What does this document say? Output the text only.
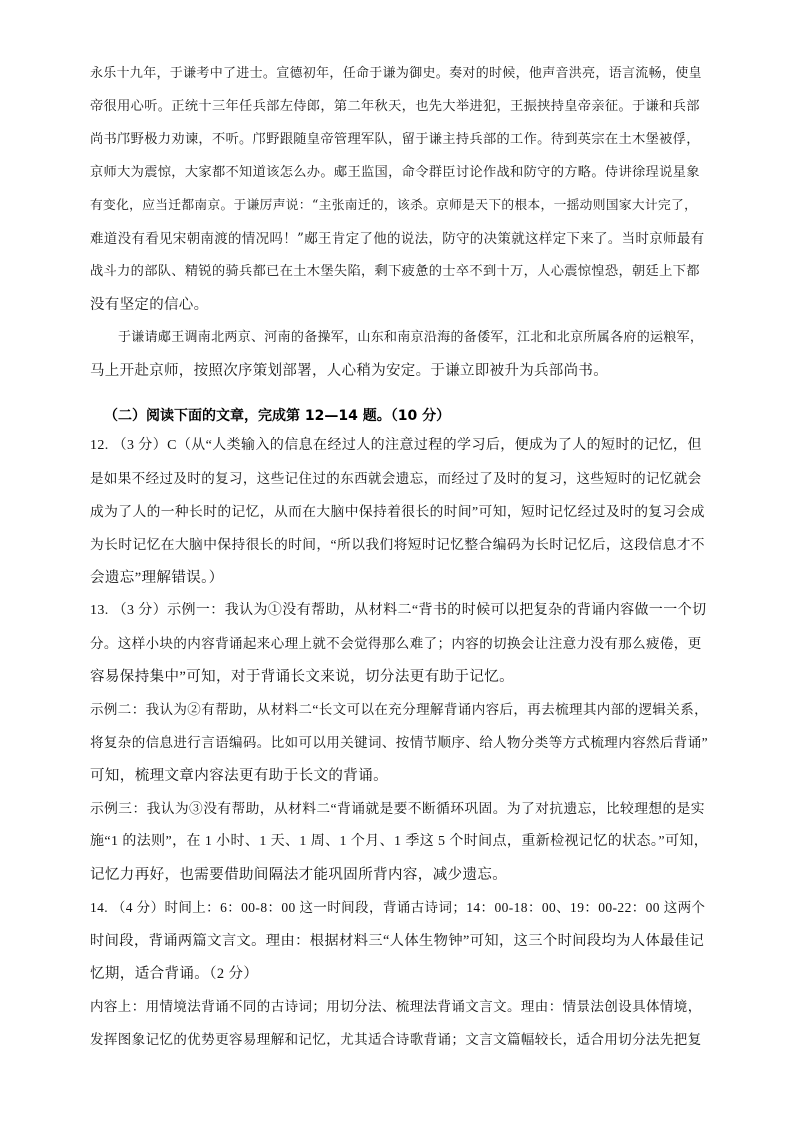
永乐十九年，于谦考中了进士。宣德初年，任命于谦为御史。奏对的时候，他声音洪亮，语言流畅，使皇
帝很用心听。正统十三年任兵部左侍郎，第二年秋天，也先大举进犯，王振挟持皇帝亲征。于谦和兵部
尚书邝野极力劝谏，不听。邝野跟随皇帝管理军队，留于谦主持兵部的工作。待到英宗在土木堡被俘，
京师大为震惊，大家都不知道该怎么办。郕王监国，命令群臣讨论作战和防守的方略。侍讲徐珵说星象
有变化，应当迁都南京。于谦厉声说：“主张南迁的，该杀。京师是天下的根本，一摇动则国家大计完了，
难道没有看见宋朝南渡的情况吗！”郕王肯定了他的说法，防守的决策就这样定下来了。当时京师最有
战斗力的部队、精锐的骑兵都已在土木堡失陷，剩下疲惫的士卒不到十万，人心震惊惶恐，朝廷上下都
没有坚定的信心。
于谦请郕王调南北两京、河南的备操军，山东和南京沿海的备倭军，江北和北京所属各府的运粮军，
马上开赴京师，按照次序策划部署，人心稍为安定。于谦立即被升为兵部尚书。
（二）阅读下面的文章，完成第 12—14 题。（10 分）
12. （3 分）C（从“人类输入的信息在经过人的注意过程的学习后，便成为了人的短时的记忆，但
是如果不经过及时的复习，这些记住过的东西就会遗忘，而经过了及时的复习，这些短时的记忆就会
成为了人的一种长时的记忆，从而在大脑中保持着很长的时间”可知，短时记忆经过及时的复习会成
为长时记忆在大脑中保持很长的时间，“所以我们将短时记忆整合编码为长时记忆后，这段信息才不
会遗忘”理解错误。）
13. （3 分）示例一：我认为①没有帮助，从材料二“背书的时候可以把复杂的背诵内容做一一个切
分。这样小块的内容背诵起来心理上就不会觉得那么难了；内容的切换会让注意力没有那么疲倦，更
容易保持集中”可知，对于背诵长文来说，切分法更有助于记忆。
示例二：我认为②有帮助，从材料二“长文可以在充分理解背诵内容后，再去梳理其内部的逻辑关系，
将复杂的信息进行言语编码。比如可以用关键词、按情节顺序、给人物分类等方式梳理内容然后背诵”
可知，梳理文章内容法更有助于长文的背诵。
示例三：我认为③没有帮助，从材料二“背诵就是要不断循环巩固。为了对抗遗忘，比较理想的是实
施“1 的法则”，在 1 小时、1 天、1 周、1 个月、1 季这 5 个时间点，重新检视记忆的状态。”可知，
记忆力再好，也需要借助间隔法才能巩固所背内容，减少遗忘。
14. （4 分）时间上：6：00-8：00 这一时间段，背诵古诗词；14：00-18：00、19：00-22：00 这两个
时间段，背诵两篇文言文。理由：根据材料三“人体生物钟”可知，这三个时间段均为人体最佳记
忆期，适合背诵。（2 分）
内容上：用情境法背诵不同的古诗词；用切分法、梳理法背诵文言文。理由：情景法创设具体情境，
发挥图象记忆的优势更容易理解和记忆，尤其适合诗歌背诵；文言文篇幅较长，适合用切分法先把复
